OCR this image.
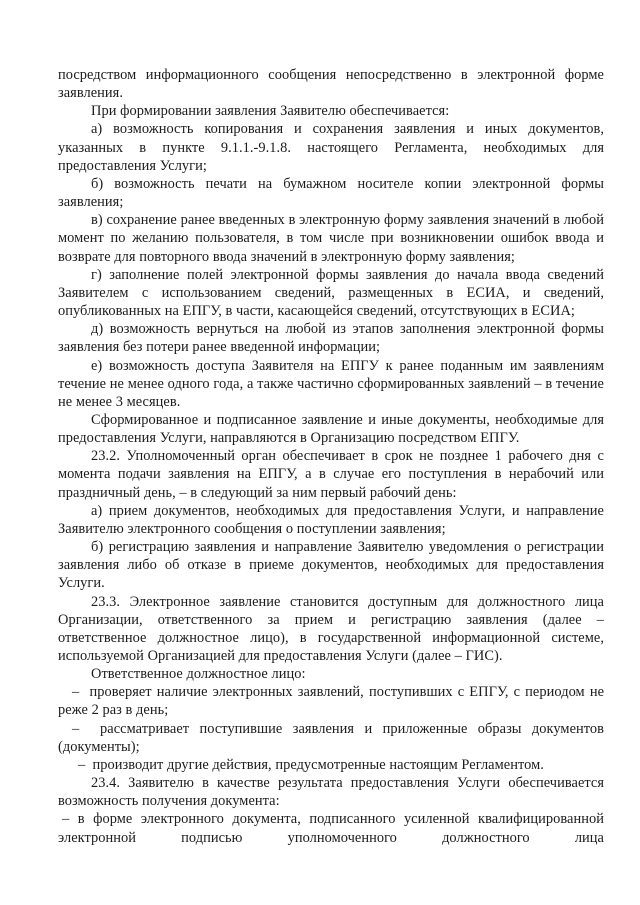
посредством информационного сообщения непосредственно в электронной форме заявления.

При формировании заявления Заявителю обеспечивается:

а) возможность копирования и сохранения заявления и иных документов, указанных в пункте 9.1.1.-9.1.8. настоящего Регламента, необходимых для предоставления Услуги;

б) возможность печати на бумажном носителе копии электронной формы заявления;

в) сохранение ранее введенных в электронную форму заявления значений в любой момент по желанию пользователя, в том числе при возникновении ошибок ввода и возврате для повторного ввода значений в электронную форму заявления;

г) заполнение полей электронной формы заявления до начала ввода сведений Заявителем с использованием сведений, размещенных в ЕСИА, и сведений, опубликованных на ЕПГУ, в части, касающейся сведений, отсутствующих в ЕСИА;

д) возможность вернуться на любой из этапов заполнения электронной формы заявления без потери ранее введенной информации;

е) возможность доступа Заявителя на ЕПГУ к ранее поданным им заявлениям течение не менее одного года, а также частично сформированных заявлений – в течение не менее 3 месяцев.

Сформированное и подписанное заявление и иные документы, необходимые для предоставления Услуги, направляются в Организацию посредством ЕПГУ.

23.2. Уполномоченный орган обеспечивает в срок не позднее 1 рабочего дня с момента подачи заявления на ЕПГУ, а в случае его поступления в нерабочий или праздничный день, – в следующий за ним первый рабочий день:

а) прием документов, необходимых для предоставления Услуги, и направление Заявителю электронного сообщения о поступлении заявления;

б) регистрацию заявления и направление Заявителю уведомления о регистрации заявления либо об отказе в приеме документов, необходимых для предоставления Услуги.

23.3. Электронное заявление становится доступным для должностного лица Организации, ответственного за прием и регистрацию заявления (далее – ответственное должностное лицо), в государственной информационной системе, используемой Организацией для предоставления Услуги (далее – ГИС).

Ответственное должностное лицо:

– проверяет наличие электронных заявлений, поступивших с ЕПГУ, с периодом не реже 2 раз в день;

– рассматривает поступившие заявления и приложенные образы документов (документы);

– производит другие действия, предусмотренные настоящим Регламентом.

23.4. Заявителю в качестве результата предоставления Услуги обеспечивается возможность получения документа:

– в форме электронного документа, подписанного усиленной квалифицированной электронной подписью уполномоченного должностного лица
